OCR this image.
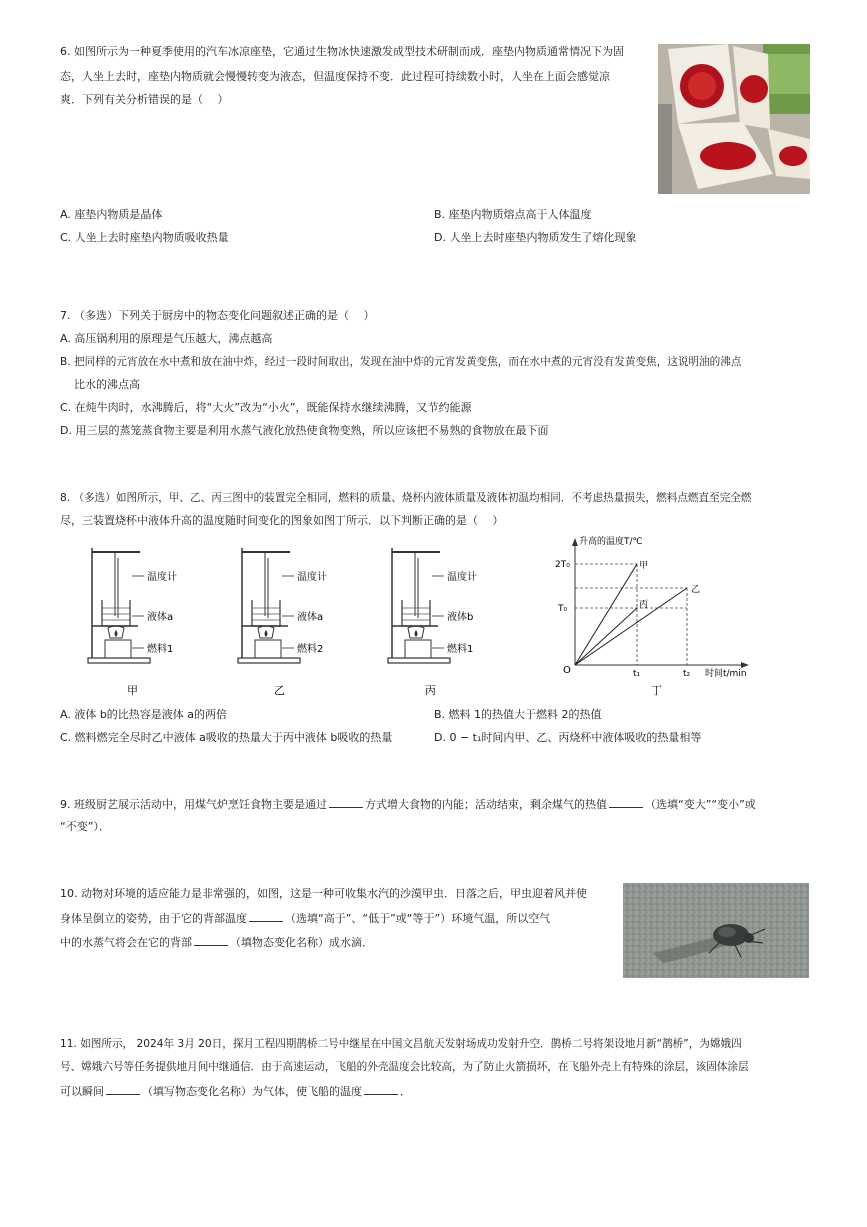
6. 如图所示为一种夏季使用的汽车冰凉座垫，它通过生物冰快速激发成型技术研制而成．座垫内物质通常情况下为固
态，人坐上去时，座垫内物质就会慢慢转变为液态，但温度保持不变．此过程可持续数小时，人坐在上面会感觉凉
爽．下列有关分析错误的是（　 ）
A. 座垫内物质是晶体	B. 座垫内物质熔点高于人体温度
C. 人坐上去时座垫内物质吸收热量	D. 人坐上去时座垫内物质发生了熔化现象
7. （多选）下列关于厨房中的物态变化问题叙述正确的是（　 ）
A. 高压锅利用的原理是气压越大，沸点越高
B. 把同样的元宵放在水中煮和放在油中炸，经过一段时间取出，发现在油中炸的元宵发黄变焦，而在水中煮的元宵没有发黄变焦，这说明油的沸点
比水的沸点高
C. 在炖牛肉时，水沸腾后，将“大火”改为“小火”，既能保持水继续沸腾，又节约能源
D. 用三层的蒸笼蒸食物主要是利用水蒸气液化放热使食物变熟，所以应该把不易熟的食物放在最下面
8. （多选）如图所示，甲、乙、丙三图中的装置完全相同，燃料的质量、烧杯内液体质量及液体初温均相同．不考虑热量损失，燃料点燃直至完全燃
尽，三装置烧杯中液体升高的温度随时间变化的图象如图丁所示．以下判断正确的是（　 ）
温度计
液体a
燃料1
甲
温度计
液体a
燃料2
乙
温度计
液体b
燃料1
丙
升高的温度T/℃
时间t/min
O
2T₀
T₀
t₁	t₂
甲
丙
乙
丁
A. 液体 b的比热容是液体 a的两倍	B. 燃料 1的热值大于燃料 2的热值
C. 燃料燃完全尽时乙中液体 a吸收的热量大于丙中液体 b吸收的热量	D. 0 − t₁时间内甲、乙、丙烧杯中液体吸收的热量相等
9. 班级厨艺展示活动中，用煤气炉烹饪食物主要是通过	方式增大食物的内能；活动结束，剩余煤气的热值	（选填“变大”“变小”或
“不变”）．
10. 动物对环境的适应能力是非常强的，如图，这是一种可收集水汽的沙漠甲虫．日落之后，甲虫迎着风并使
身体呈倒立的姿势，由于它的背部温度	（选填“高于”、“低于”或“等于”）环境气温，所以空气
中的水蒸气将会在它的背部	（填物态变化名称）成水滴．
11. 如图所示， 2024年 3月 20日，探月工程四期鹊桥二号中继星在中国文昌航天发射场成功发射升空．鹊桥二号将架设地月新“鹊桥”，为嫦娥四
号、嫦娥六号等任务提供地月间中继通信．由于高速运动，飞船的外壳温度会比较高，为了防止火箭损坏，在飞船外壳上有特殊的涂层，该固体涂层
可以瞬间	（填写物态变化名称）为气体，使飞船的温度	．
